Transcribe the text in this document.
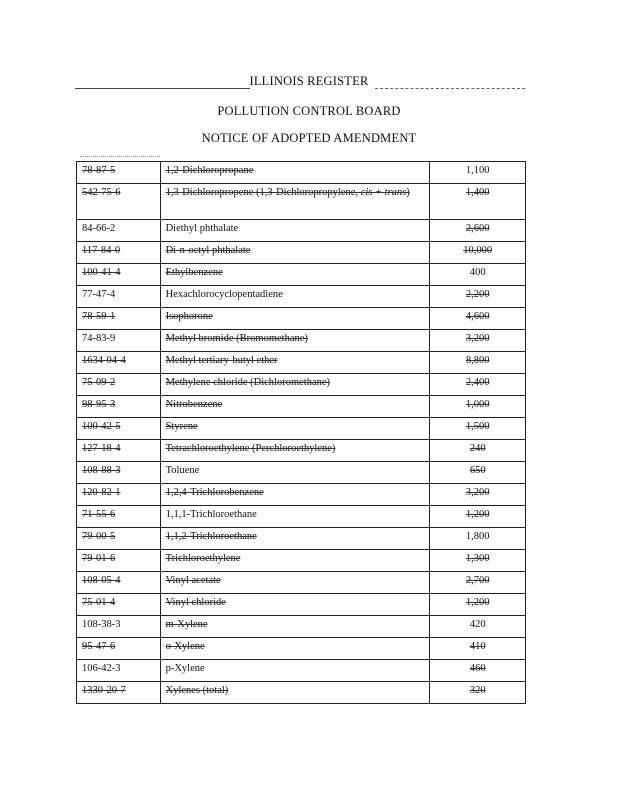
ILLINOIS REGISTER
POLLUTION CONTROL BOARD
NOTICE OF ADOPTED AMENDMENT
78-87-5	1,2-Dichloropropane	1,100
542-75-6	1,3-Dichloropropene (1,3-Dichloropropylene, cis + trans)	1,400
84-66-2	Diethyl phthalate	2,600
117-84-0	Di-n-octyl phthalate	10,000
100-41-4	Ethylbenzene	400
77-47-4	Hexachlorocyclopentadiene	2,200
78-59-1	Isophorone	4,600
74-83-9	Methyl bromide (Bromomethane)	3,200
1634-04-4	Methyl tertiary-butyl ether	8,800
75-09-2	Methylene chloride (Dichloromethane)	2,400
98-95-3	Nitrobenzene	1,000
100-42-5	Styrene	1,500
127-18-4	Tetrachloroethylene (Perchloroethylene)	240
108-88-3	Toluene	650
120-82-1	1,2,4-Trichlorobenzene	3,200
71-55-6	1,1,1-Trichloroethane	1,200
79-00-5	1,1,2-Trichloroethane	1,800
79-01-6	Trichloroethylene	1,300
108-05-4	Vinyl acetate	2,700
75-01-4	Vinyl chloride	1,200
108-38-3	m-Xylene	420
95-47-6	o-Xylene	410
106-42-3	p-Xylene	460
1330-20-7	Xylenes (total)	320
